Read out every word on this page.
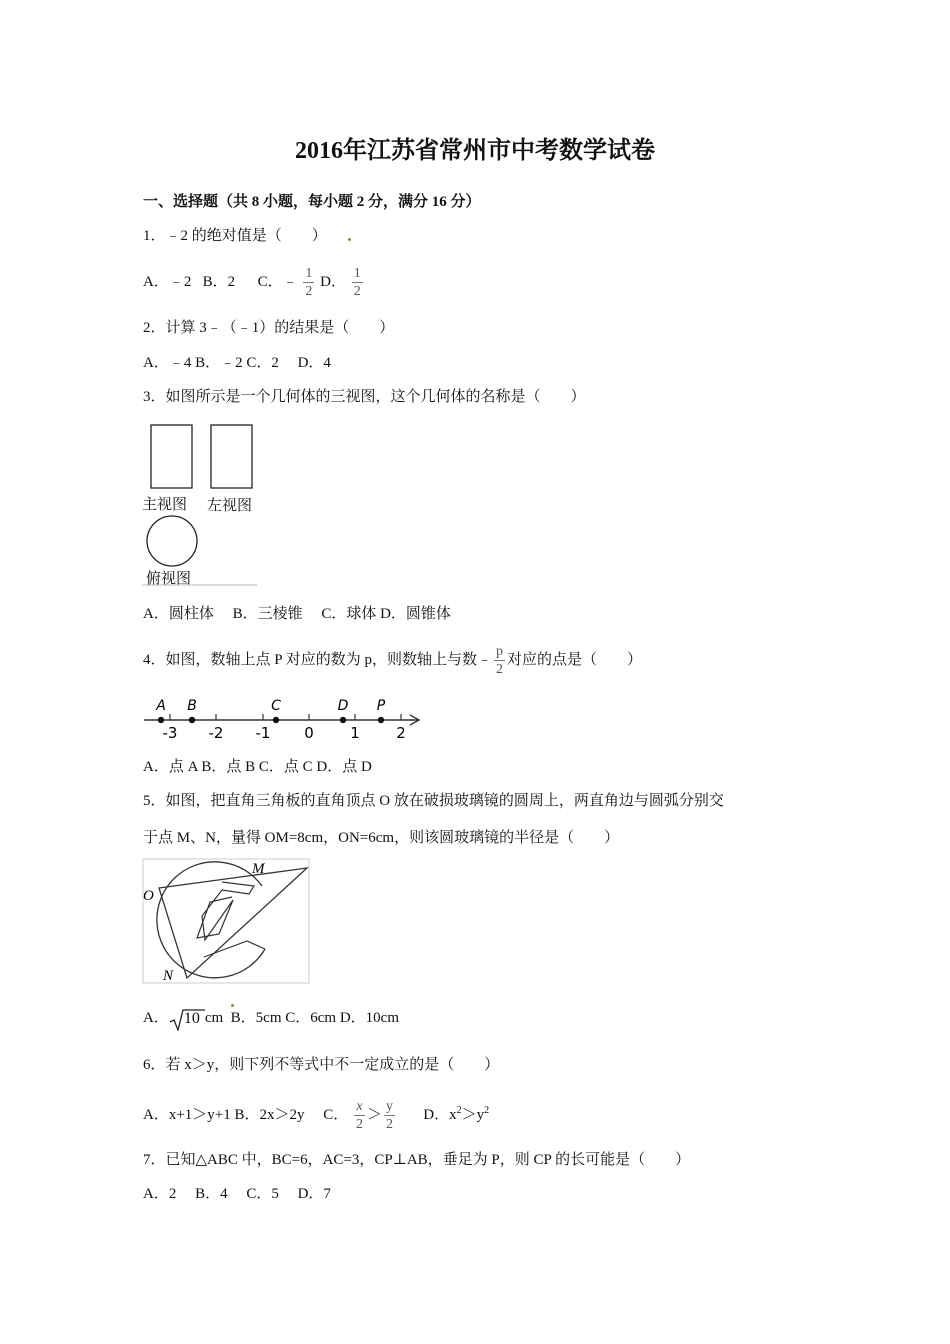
2016年江苏省常州市中考数学试卷
一、选择题（共 8 小题，每小题 2 分，满分 16 分）
1．﹣2 的绝对值是（　　）
A．﹣2 B．2 C．﹣ $\frac{1}{2}$ D． $\frac{1}{2}$
2．计算 3﹣（﹣1）的结果是（　　）
A．﹣4 B．﹣2 C．2　 D．4
3．如图所示是一个几何体的三视图，这个几何体的名称是（　　）
主视图 左视图
俯视图
A．圆柱体　 B．三棱锥　 C．球体 D．圆锥体
4．如图，数轴上点 P 对应的数为 p，则数轴上与数﹣ $\frac{p}{2}$ 对应的点是（　　）
-3 -2 -1 0 1 2
A B	C	D P
A．点 A B．点 B C．点 C D．点 D
5．如图，把直角三角板的直角顶点 O 放在破损玻璃镜的圆周上，两直角边与圆弧分别交
于点 M、N，量得 OM=8cm，ON=6cm，则该圆玻璃镜的半径是（　　）
O
M
N
A． 10 cm B．5cm C．6cm D．10cm
6．若 x＞y，则下列不等式中不一定成立的是（　　）
A．x+1＞y+1 B．2x＞2y C． $\frac{x}{2} > \frac{y}{2}$ D．$x^2>y^2$
7．已知△ABC 中，BC=6，AC=3，CP⊥AB，垂足为 P，则 CP 的长可能是（　　）
A．2　 B．4　 C．5　 D．7
